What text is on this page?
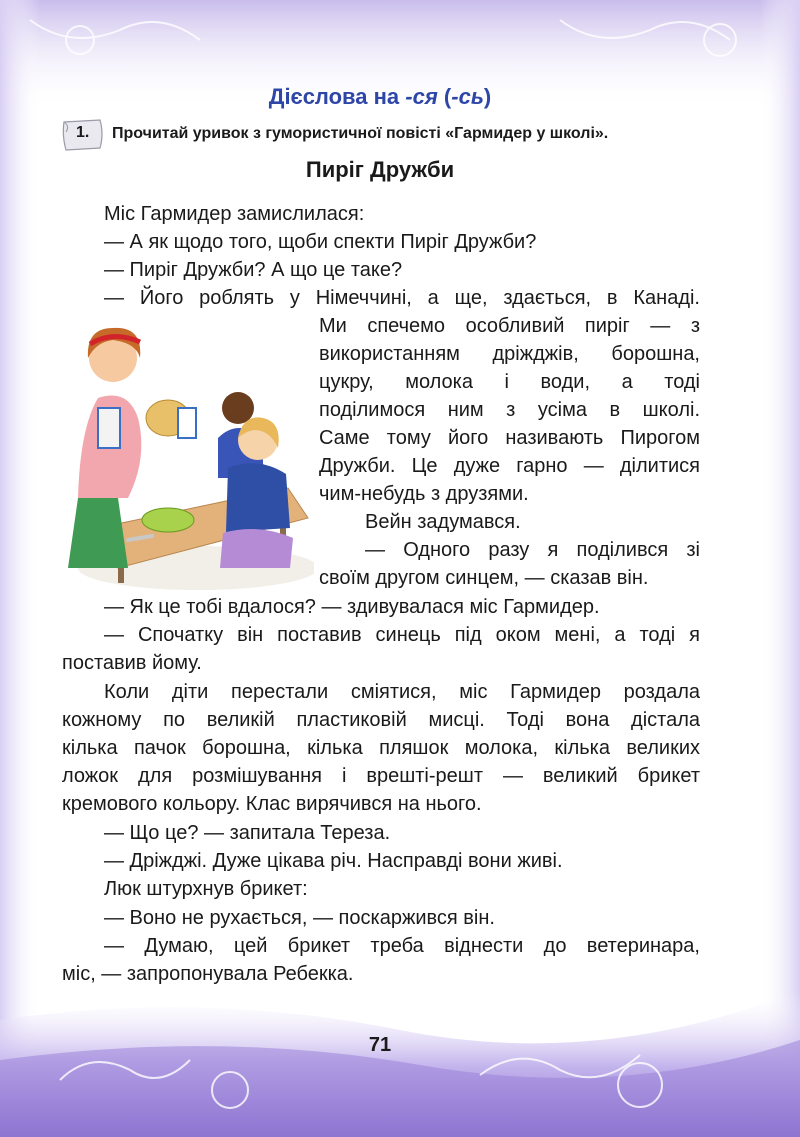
Дієслова на -ся (-сь)
1. Прочитай уривок з гумористичної повісті «Гармидер у школі».
Пиріг Дружби
Міс Гармидер замислилася:
— А як щодо того, щоби спекти Пиріг Дружби?
— Пиріг Дружби? А що це таке?
— Його роблять у Німеччині, а ще, здається, в Канаді.
Ми спечемо особливий пиріг — з
використанням дріжджів, борошна,
цукру, молока і води, а тоді
поділимося ним з усіма в школі.
Саме тому його називають Пирогом
Дружби. Це дуже гарно — ділитися
чим-небудь з друзями.
Вейн задумався.
— Одного разу я поділився зі
своїм другом синцем, — сказав він.
— Як це тобі вдалося? — здивувалася міс Гармидер.
— Спочатку він поставив синець під оком мені, а тоді я
поставив йому.
Коли діти перестали сміятися, міс Гармидер роздала
кожному по великій пластиковій мисці. Тоді вона дістала
кілька пачок борошна, кілька пляшок молока, кілька великих
ложок для розмішування і врешті-решт — великий брикет
кремового кольору. Клас вирячився на нього.
— Що це? — запитала Тереза.
— Дріжджі. Дуже цікава річ. Насправді вони живі.
Люк штурхнув брикет:
— Воно не рухається, — поскаржився він.
— Думаю, цей брикет треба віднести до ветеринара,
міс, — запропонувала Ребекка.
71
